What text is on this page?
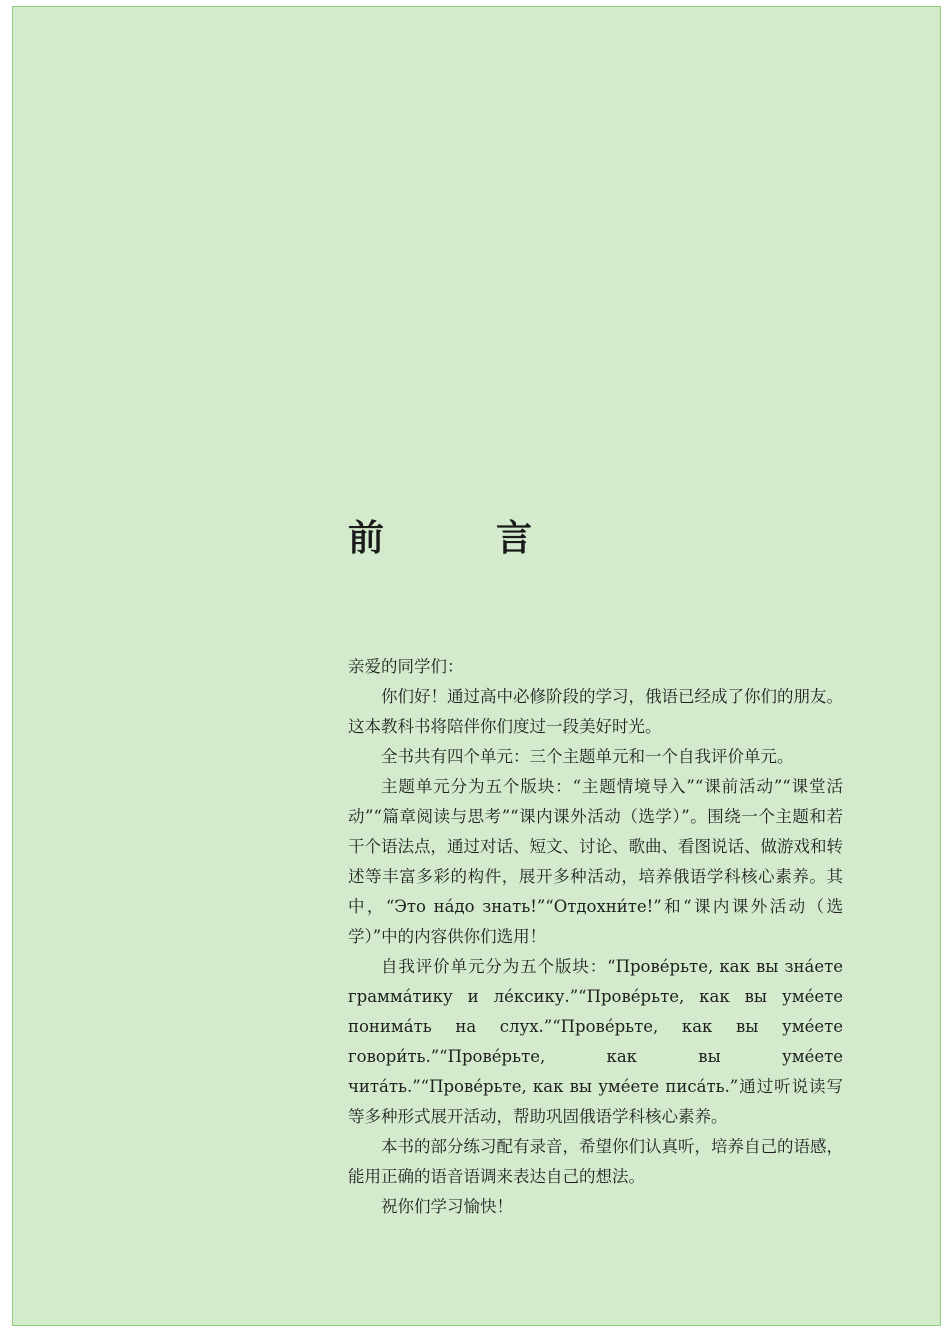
前　言

亲爱的同学们：

你们好！通过高中必修阶段的学习，俄语已经成了你们的朋友。这本教科书将陪伴你们度过一段美好时光。

全书共有四个单元：三个主题单元和一个自我评价单元。

主题单元分为五个版块：“主题情境导入”“课前活动”“课堂活动”“篇章阅读与思考”“课内课外活动（选学）”。围绕一个主题和若干个语法点，通过对话、短文、讨论、歌曲、看图说话、做游戏和转述等丰富多彩的构件，展开多种活动，培养俄语学科核心素养。其中，“Это на́до знать!”“Отдохни́те!”和“课内课外活动（选学）”中的内容供你们选用！

自我评价单元分为五个版块：“Прове́рьте, как вы зна́ете грамма́тику и ле́ксику.”“Прове́рьте, как вы уме́ете понима́ть на слух.”“Прове́рьте, как вы уме́ете говори́ть.”“Прове́рьте, как вы уме́ете чита́ть.”“Прове́рьте, как вы уме́ете писа́ть.”通过听说读写等多种形式展开活动，帮助巩固俄语学科核心素养。

本书的部分练习配有录音，希望你们认真听，培养自己的语感，能用正确的语音语调来表达自己的想法。

祝你们学习愉快！
